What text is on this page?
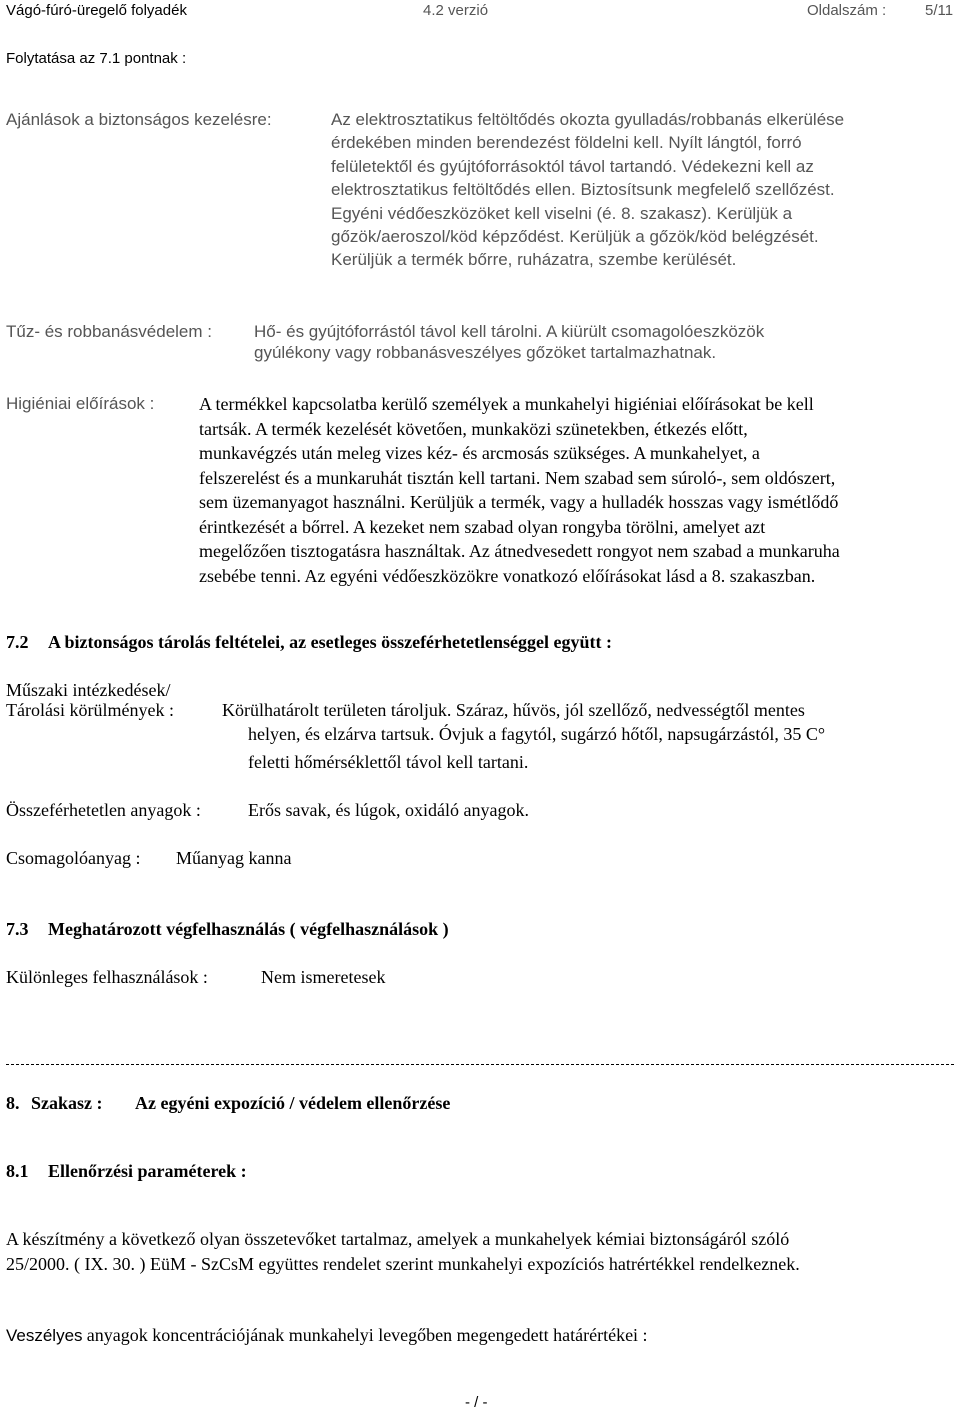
Vágó-fúró-üregelő folyadék	4.2 verzió	Oldalszám :	5/11
Folytatása az 7.1 pontnak :
Ajánlások a biztonságos kezelésre:	Az elektrosztatikus feltöltődés okozta gyulladás/robbanás elkerülése
érdekében minden berendezést földelni kell. Nyílt lángtól, forró
felületektől és gyújtóforrásoktól távol tartandó. Védekezni kell az
elektrosztatikus feltöltődés ellen. Biztosítsunk megfelelő szellőzést.
Egyéni védőeszközöket kell viselni (é. 8. szakasz). Kerüljük a
gőzök/aeroszol/köd képződést. Kerüljük a gőzök/köd belégzését.
Kerüljük a termék bőrre, ruházatra, szembe kerülését.
Tűz- és robbanásvédelem : Hő- és gyújtóforrástól távol kell tárolni. A kiürült csomagolóeszközök
gyúlékony vagy robbanásveszélyes gőzöket tartalmazhatnak.
Higiéniai előírások : A termékkel kapcsolatba kerülő személyek a munkahelyi higiéniai előírásokat be kell
tartsák. A termék kezelését követően, munkaközi szünetekben, étkezés előtt,
munkavégzés után meleg vizes kéz- és arcmosás szükséges. A munkahelyet, a
felszerelést és a munkaruhát tisztán kell tartani. Nem szabad sem súroló-, sem oldószert,
sem üzemanyagot használni. Kerüljük a termék, vagy a hulladék hosszas vagy ismétlődő
érintkezését a bőrrel. A kezeket nem szabad olyan rongyba törölni, amelyet azt
megelőzően tisztogatásra használtak. Az átnedvesedett rongyot nem szabad a munkaruha
zsebébe tenni. Az egyéni védőeszközökre vonatkozó előírásokat lásd a 8. szakaszban.
7.2 A biztonságos tárolás feltételei, az esetleges összeférhetetlenséggel együtt :
Műszaki intézkedések/
Tárolási körülmények :	Körülhatárolt területen tároljuk. Száraz, hűvös, jól szellőző, nedvességtől mentes
helyen, és elzárva tartsuk. Óvjuk a fagytól, sugárzó hőtől, napsugárzástól, 35 C°
feletti hőmérséklettől távol kell tartani.
Összeférhetetlen anyagok :	Erős savak, és lúgok, oxidáló anyagok.
Csomagolóanyag : Műanyag kanna
7.3 Meghatározott végfelhasználás ( végfelhasználások )
Különleges felhasználások :	Nem ismeretesek
8. Szakasz : Az egyéni expozíció / védelem ellenőrzése
8.1 Ellenőrzési paraméterek :
A készítmény a következő olyan összetevőket tartalmaz, amelyek a munkahelyek kémiai biztonságáról szóló
25/2000. ( IX. 30. ) EüM - SzCsM együttes rendelet szerint munkahelyi expozíciós hatrértékkel rendelkeznek.
Veszélyes anyagok koncentrációjának munkahelyi levegőben megengedett határértékei :
- / -
